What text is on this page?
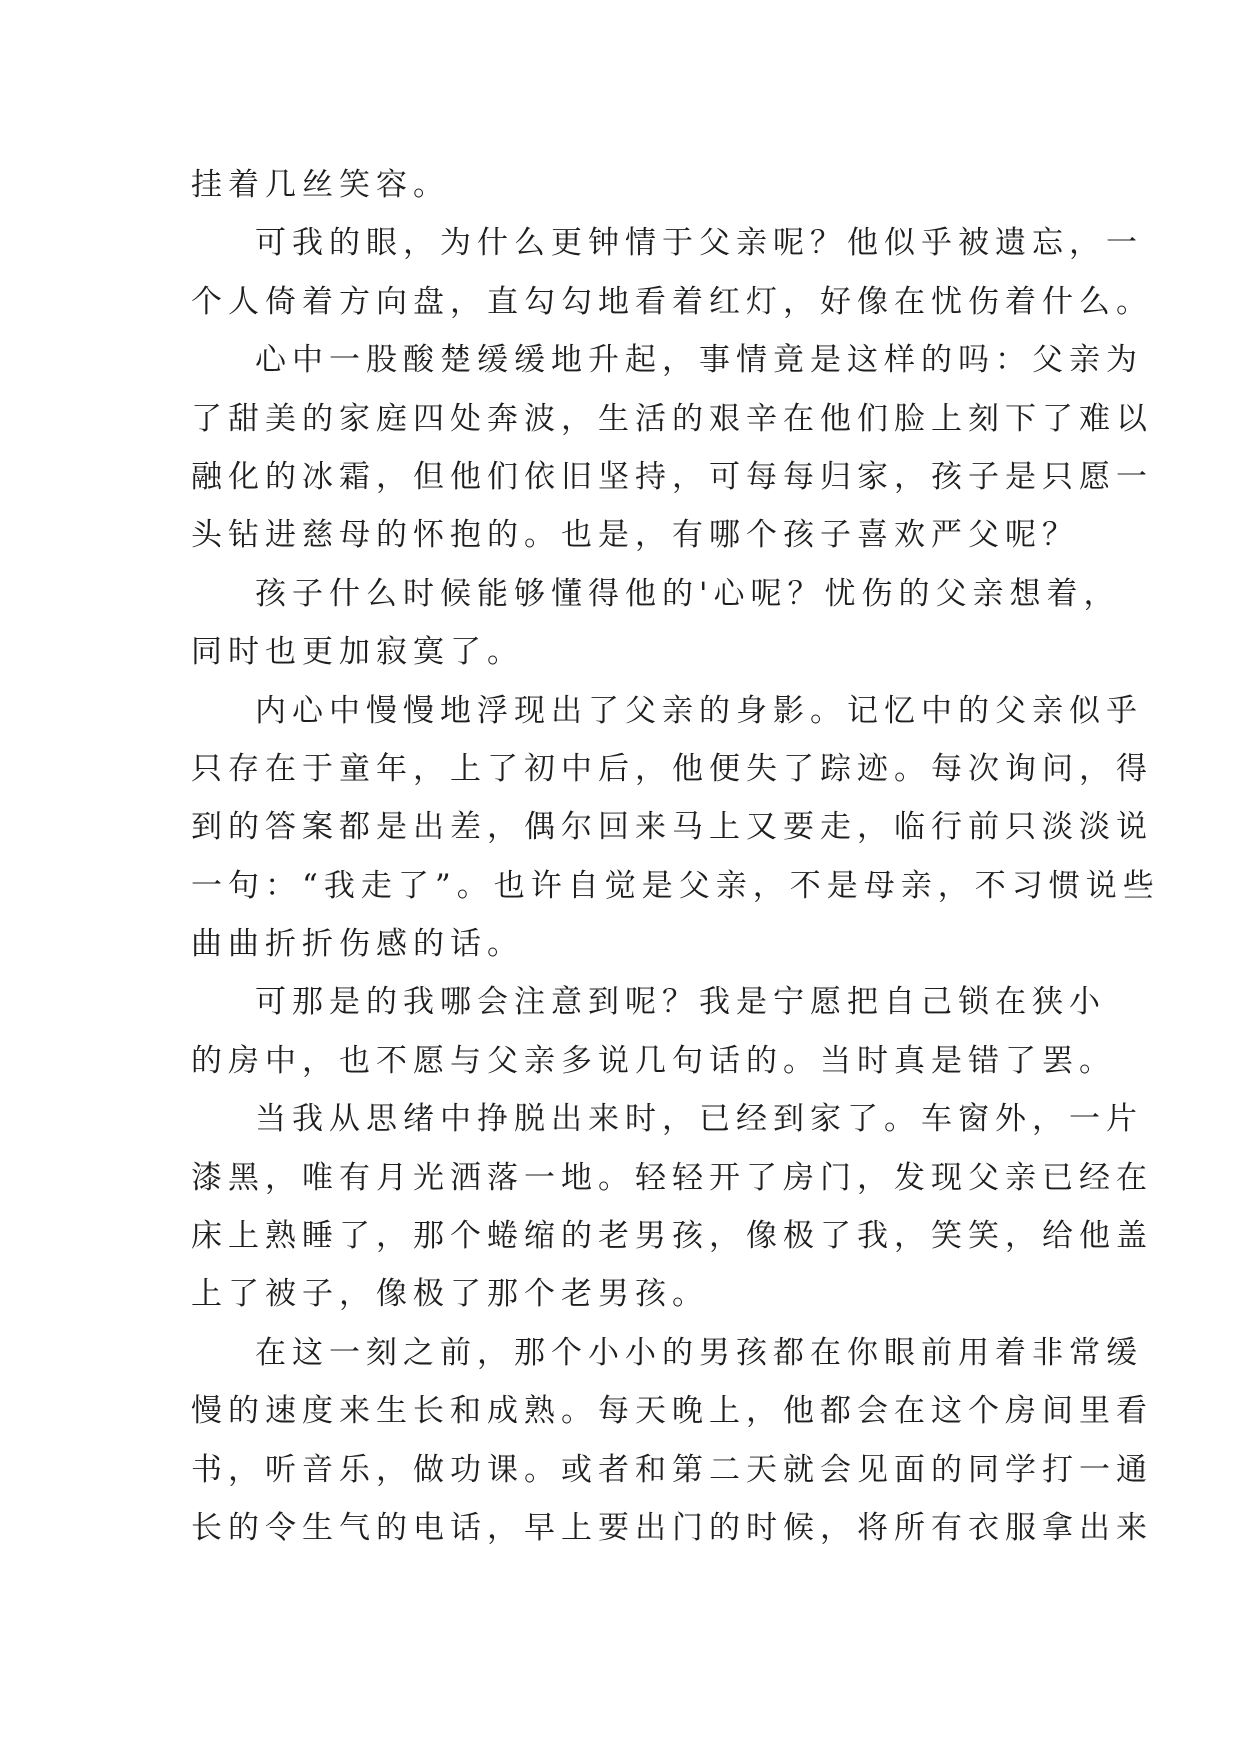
挂着几丝笑容。
可我的眼，为什么更钟情于父亲呢？他似乎被遗忘，一
个人倚着方向盘，直勾勾地看着红灯，好像在忧伤着什么。
心中一股酸楚缓缓地升起，事情竟是这样的吗：父亲为
了甜美的家庭四处奔波，生活的艰辛在他们脸上刻下了难以
融化的冰霜，但他们依旧坚持，可每每归家，孩子是只愿一
头钻进慈母的怀抱的。也是，有哪个孩子喜欢严父呢？
孩子什么时候能够懂得他的'心呢？忧伤的父亲想着，
同时也更加寂寞了。
内心中慢慢地浮现出了父亲的身影。记忆中的父亲似乎
只存在于童年，上了初中后，他便失了踪迹。每次询问，得
到的答案都是出差，偶尔回来马上又要走，临行前只淡淡说
一句：“我走了”。也许自觉是父亲，不是母亲，不习惯说些
曲曲折折伤感的话。
可那是的我哪会注意到呢？我是宁愿把自己锁在狭小
的房中，也不愿与父亲多说几句话的。当时真是错了罢。
当我从思绪中挣脱出来时，已经到家了。车窗外，一片
漆黑，唯有月光洒落一地。轻轻开了房门，发现父亲已经在
床上熟睡了，那个蜷缩的老男孩，像极了我，笑笑，给他盖
上了被子，像极了那个老男孩。
在这一刻之前，那个小小的男孩都在你眼前用着非常缓
慢的速度来生长和成熟。每天晚上，他都会在这个房间里看
书，听音乐，做功课。或者和第二天就会见面的同学打一通
长的令生气的电话，早上要出门的时候，将所有衣服拿出来
